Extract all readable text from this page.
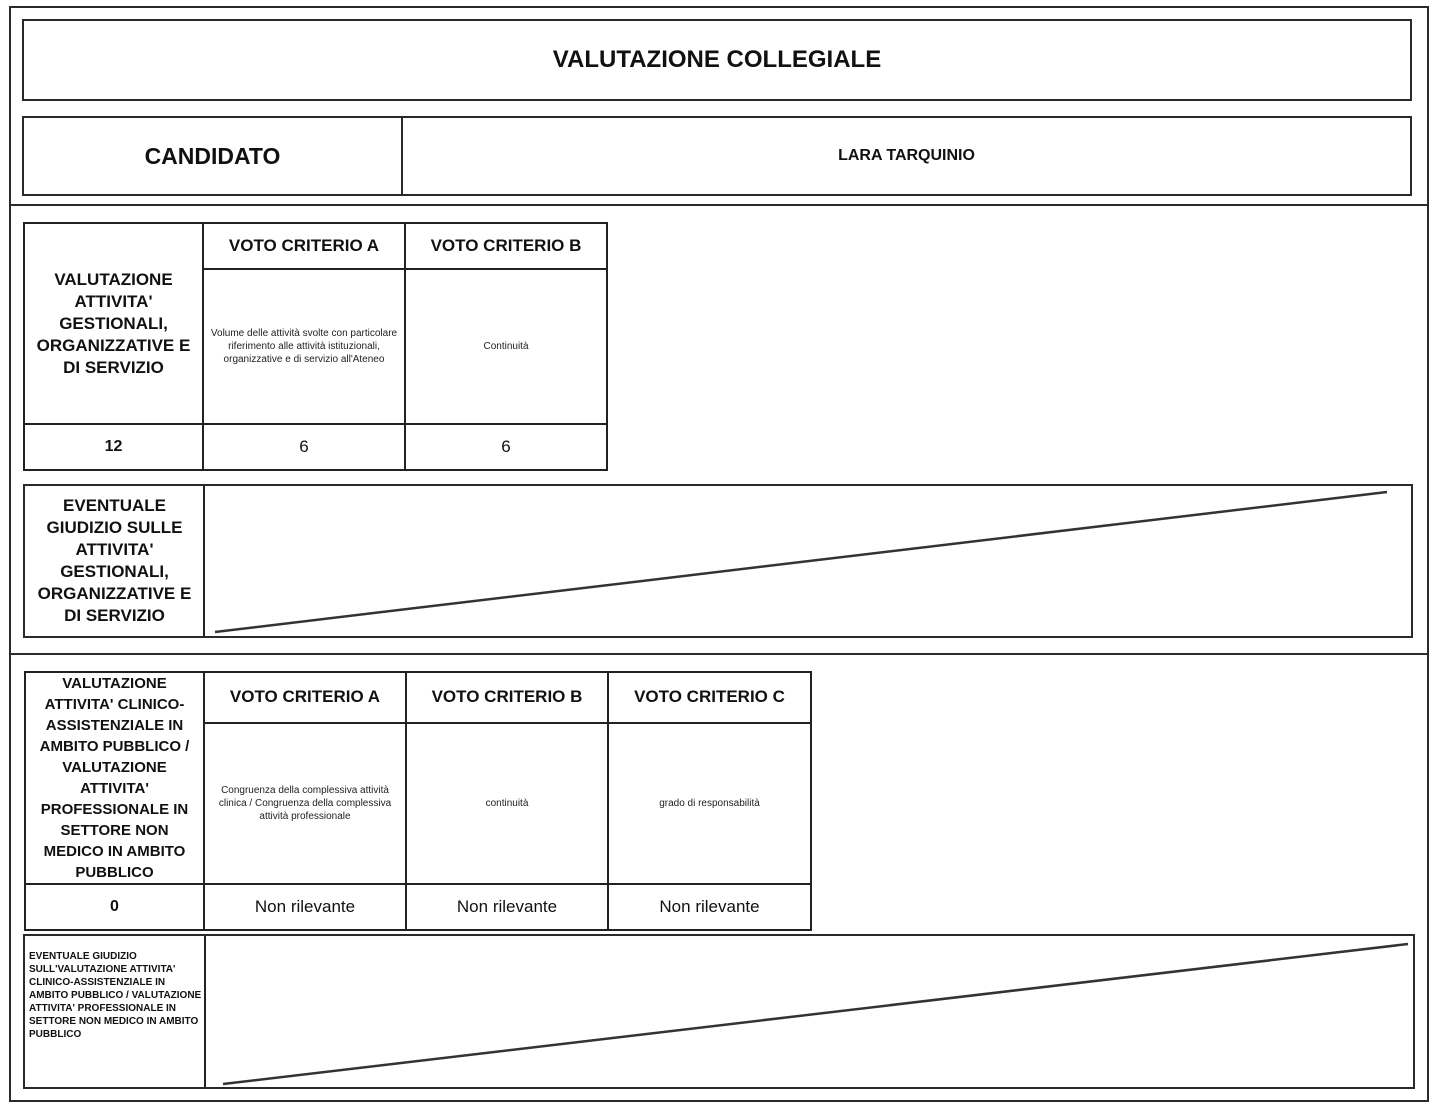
VALUTAZIONE COLLEGIALE
CANDIDATO	LARA TARQUINIO
VALUTAZIONE ATTIVITA' GESTIONALI, ORGANIZZATIVE E DI SERVIZIO	VOTO CRITERIO A	VOTO CRITERIO B
	Volume delle attività svolte con particolare riferimento alle attività istituzionali, organizzative e di servizio all'Ateneo	Continuità
12	6	6
EVENTUALE GIUDIZIO SULLE ATTIVITA' GESTIONALI, ORGANIZZATIVE E DI SERVIZIO
VALUTAZIONE ATTIVITA' CLINICO-ASSISTENZIALE IN AMBITO PUBBLICO / VALUTAZIONE ATTIVITA' PROFESSIONALE IN SETTORE NON MEDICO IN AMBITO PUBBLICO	VOTO CRITERIO A	VOTO CRITERIO B	VOTO CRITERIO C
	Congruenza della complessiva attività clinica / Congruenza della complessiva attività professionale	continuità	grado di responsabilità
0	Non rilevante	Non rilevante	Non rilevante
EVENTUALE GIUDIZIO SULL'VALUTAZIONE ATTIVITA' CLINICO-ASSISTENZIALE IN AMBITO PUBBLICO / VALUTAZIONE ATTIVITA' PROFESSIONALE IN SETTORE NON MEDICO IN AMBITO PUBBLICO
